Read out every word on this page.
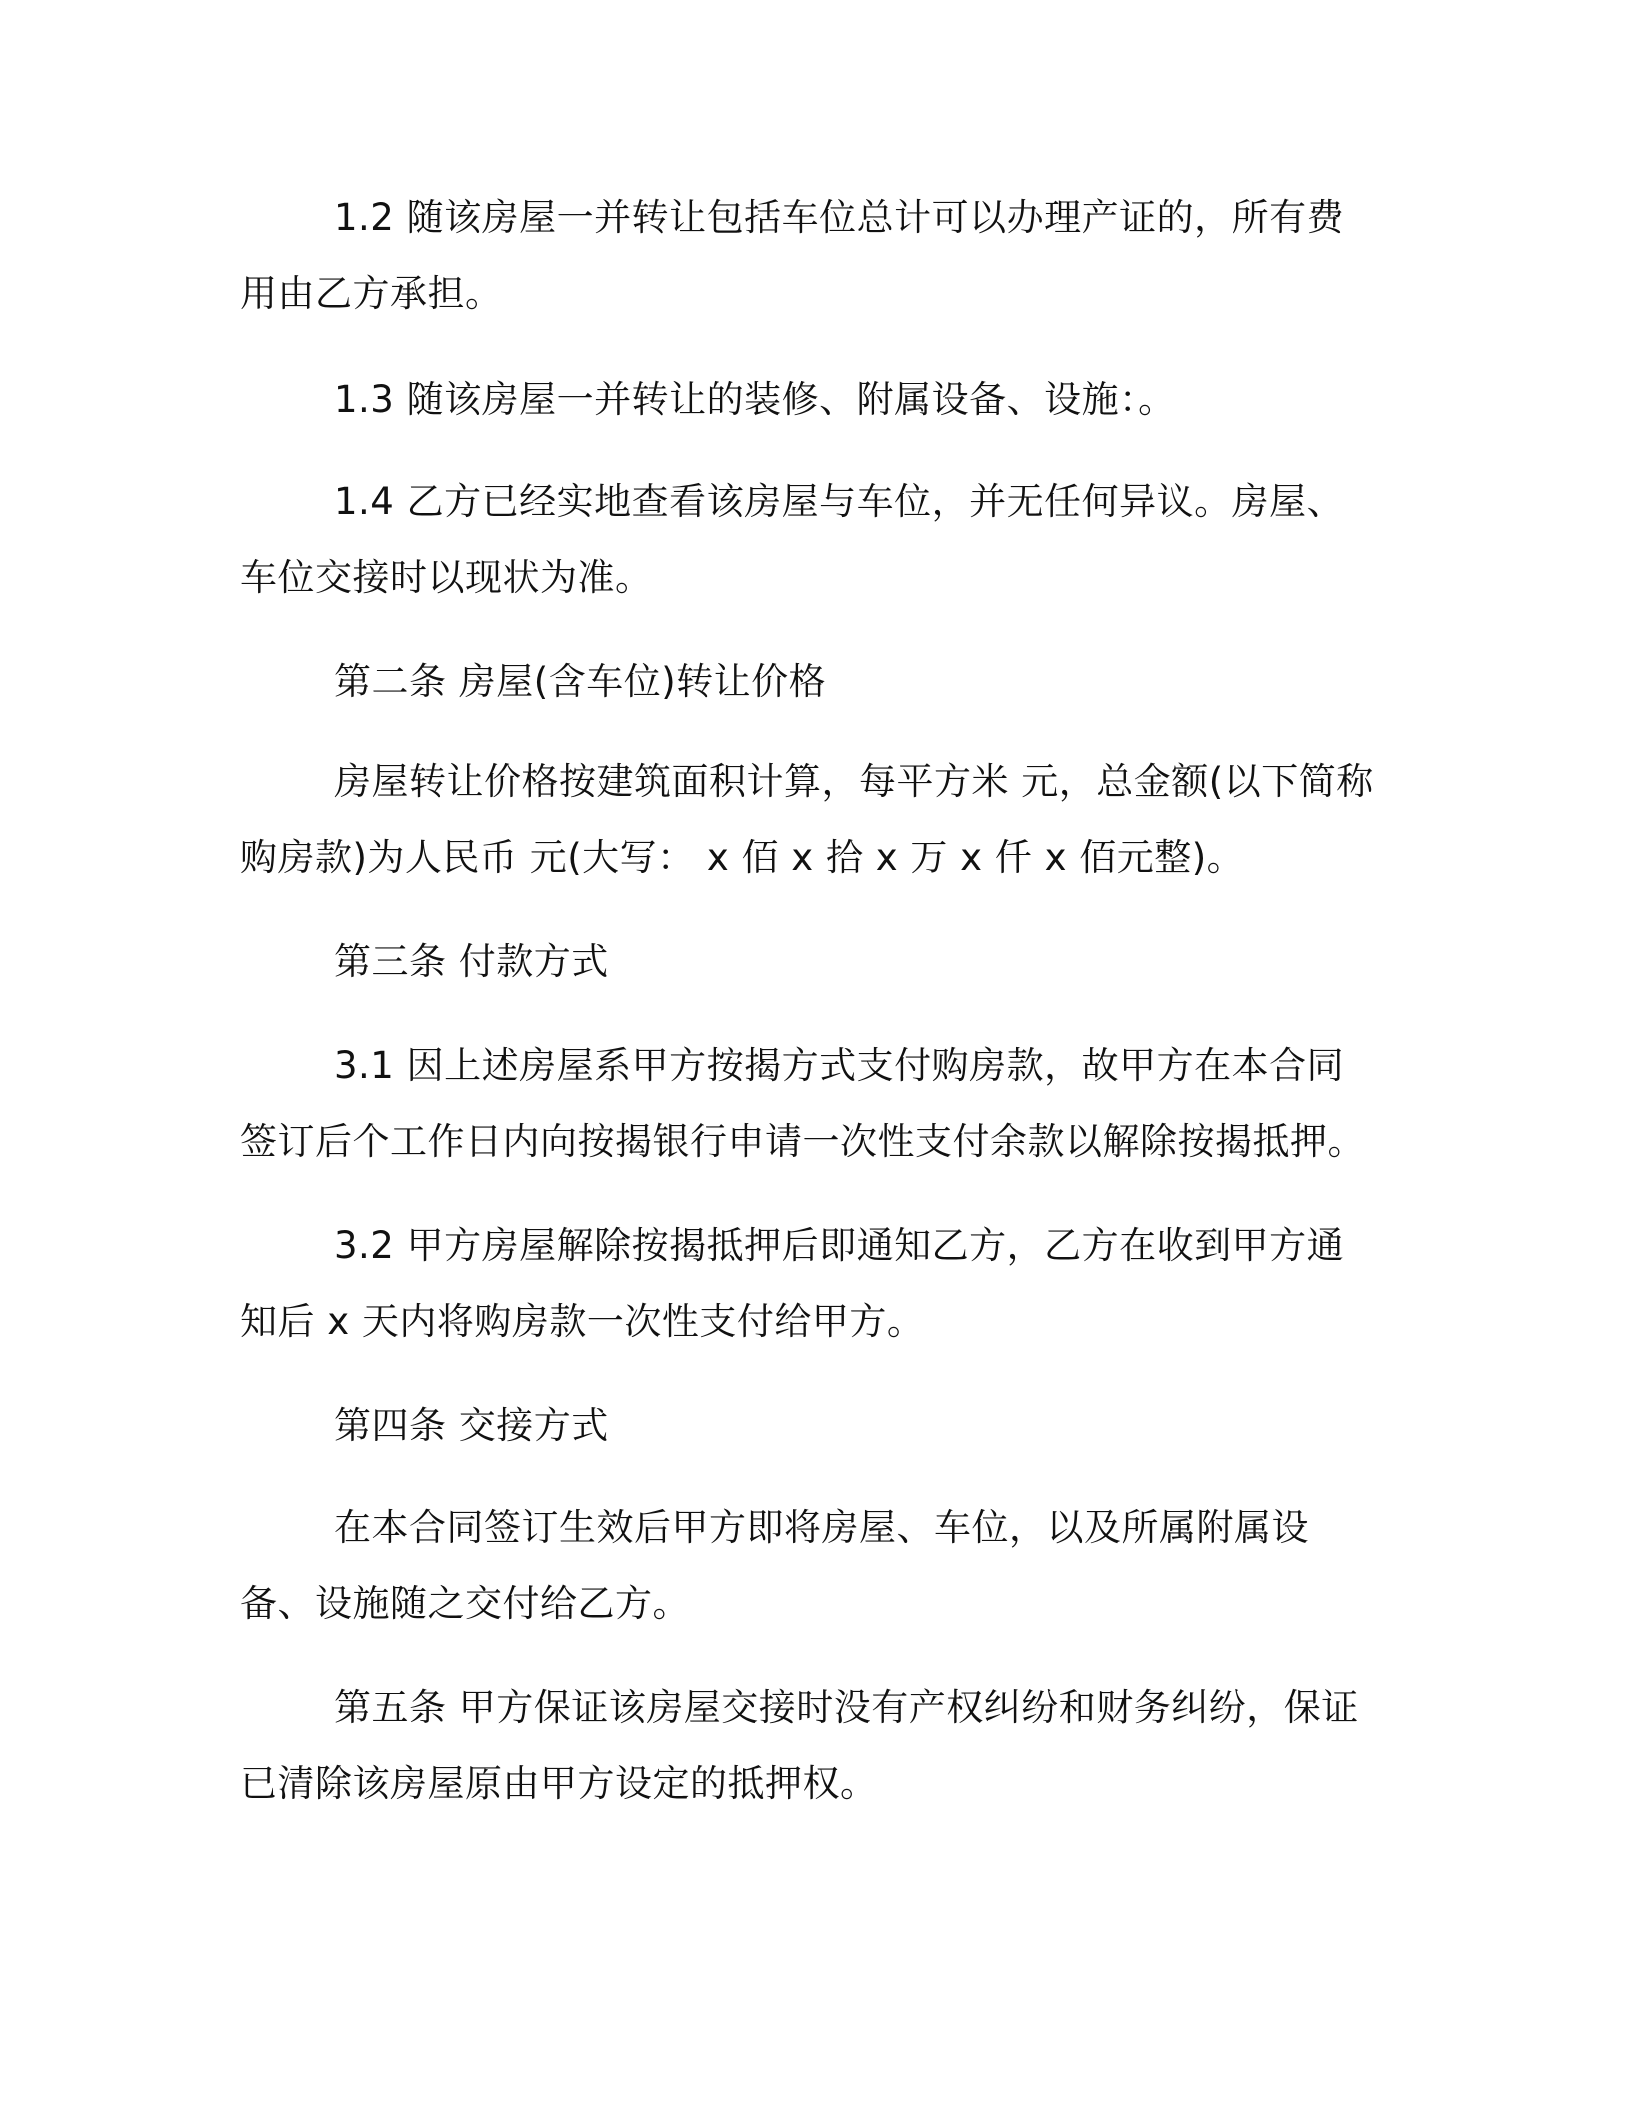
1.2 随该房屋一并转让包括车位总计可以办理产证的，所有费用由乙方承担。

1.3 随该房屋一并转让的装修、附属设备、设施：。

1.4 乙方已经实地查看该房屋与车位，并无任何异议。房屋、车位交接时以现状为准。

第二条 房屋(含车位)转让价格

房屋转让价格按建筑面积计算，每平方米 元，总金额(以下简称购房款)为人民币 元(大写： x 佰 x 拾 x 万 x 仟 x 佰元整)。

第三条 付款方式

3.1 因上述房屋系甲方按揭方式支付购房款，故甲方在本合同签订后个工作日内向按揭银行申请一次性支付余款以解除按揭抵押。

3.2 甲方房屋解除按揭抵押后即通知乙方，乙方在收到甲方通知后 x 天内将购房款一次性支付给甲方。

第四条 交接方式

在本合同签订生效后甲方即将房屋、车位，以及所属附属设备、设施随之交付给乙方。

第五条 甲方保证该房屋交接时没有产权纠纷和财务纠纷，保证已清除该房屋原由甲方设定的抵押权。
